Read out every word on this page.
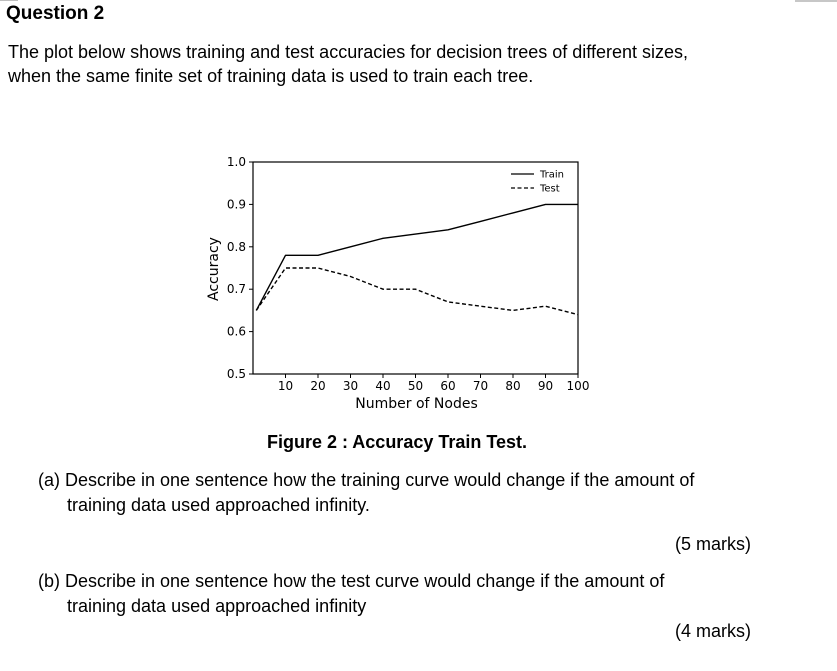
Question 2
The plot below shows training and test accuracies for decision trees of different sizes,
when the same finite set of training data is used to train each tree.
10 20 30 40 50 60 70 80 90 100
0.5
0.6
0.7
0.8
0.9
1.0
Number of Nodes
Accuracy
Train
Test
Figure 2 : Accuracy Train Test.
(a) Describe in one sentence how the training curve would change if the amount of
training data used approached infinity.
(5 marks)
(b) Describe in one sentence how the test curve would change if the amount of
training data used approached infinity
(4 marks)
